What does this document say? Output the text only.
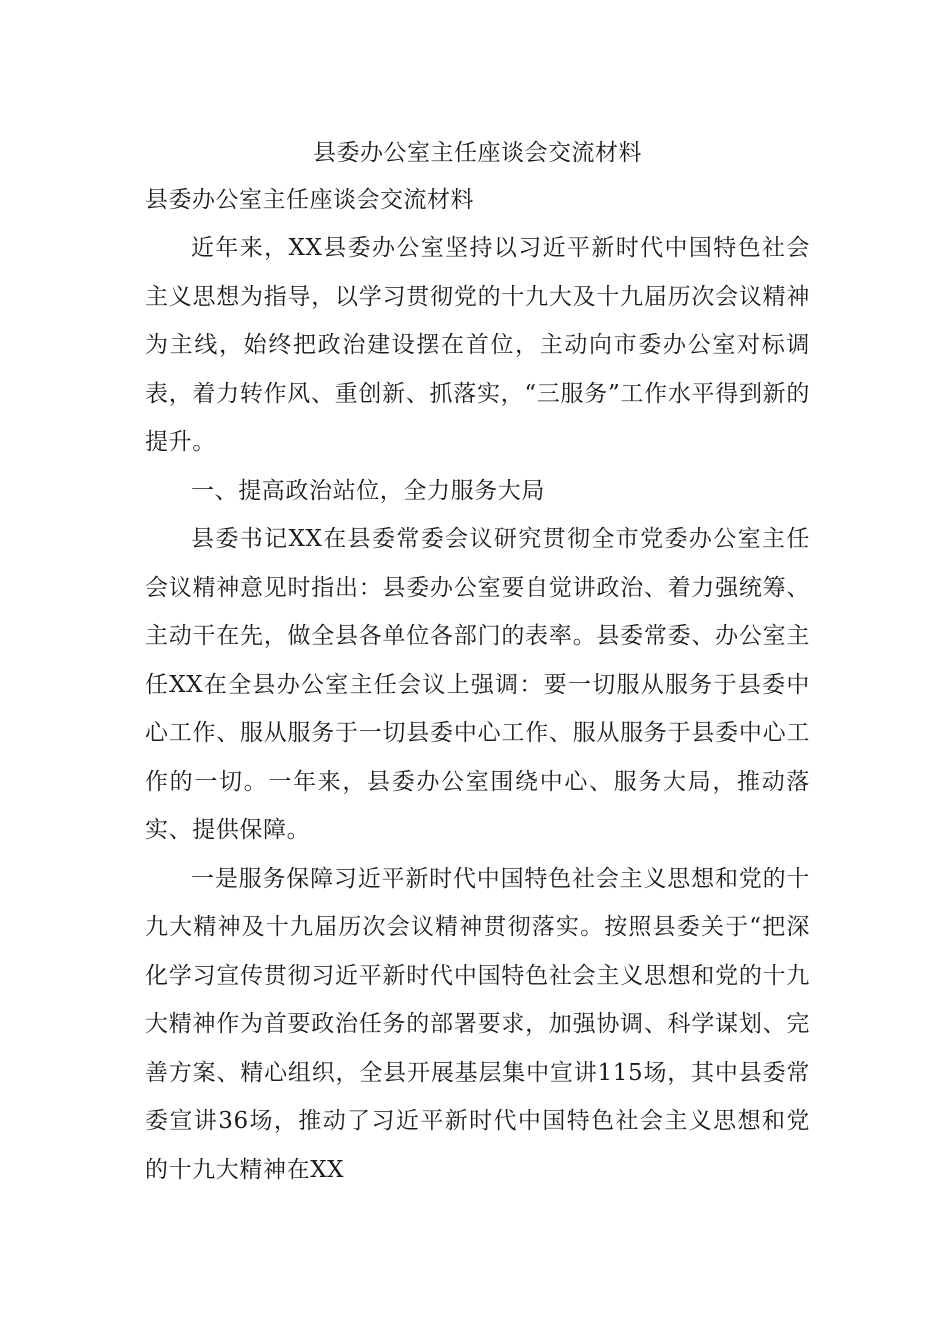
县委办公室主任座谈会交流材料

县委办公室主任座谈会交流材料

近年来，XX县委办公室坚持以习近平新时代中国特色社会主义思想为指导，以学习贯彻党的十九大及十九届历次会议精神为主线，始终把政治建设摆在首位，主动向市委办公室对标调表，着力转作风、重创新、抓落实，“三服务”工作水平得到新的提升。

一、提高政治站位，全力服务大局

县委书记XX在县委常委会议研究贯彻全市党委办公室主任会议精神意见时指出：县委办公室要自觉讲政治、着力强统筹、主动干在先，做全县各单位各部门的表率。县委常委、办公室主任XX在全县办公室主任会议上强调：要一切服从服务于县委中心工作、服从服务于一切县委中心工作、服从服务于县委中心工作的一切。一年来，县委办公室围绕中心、服务大局，推动落实、提供保障。

一是服务保障习近平新时代中国特色社会主义思想和党的十九大精神及十九届历次会议精神贯彻落实。按照县委关于“把深化学习宣传贯彻习近平新时代中国特色社会主义思想和党的十九大精神作为首要政治任务的部署要求，加强协调、科学谋划、完善方案、精心组织，全县开展基层集中宣讲115场，其中县委常委宣讲36场，推动了习近平新时代中国特色社会主义思想和党的十九大精神在XX
